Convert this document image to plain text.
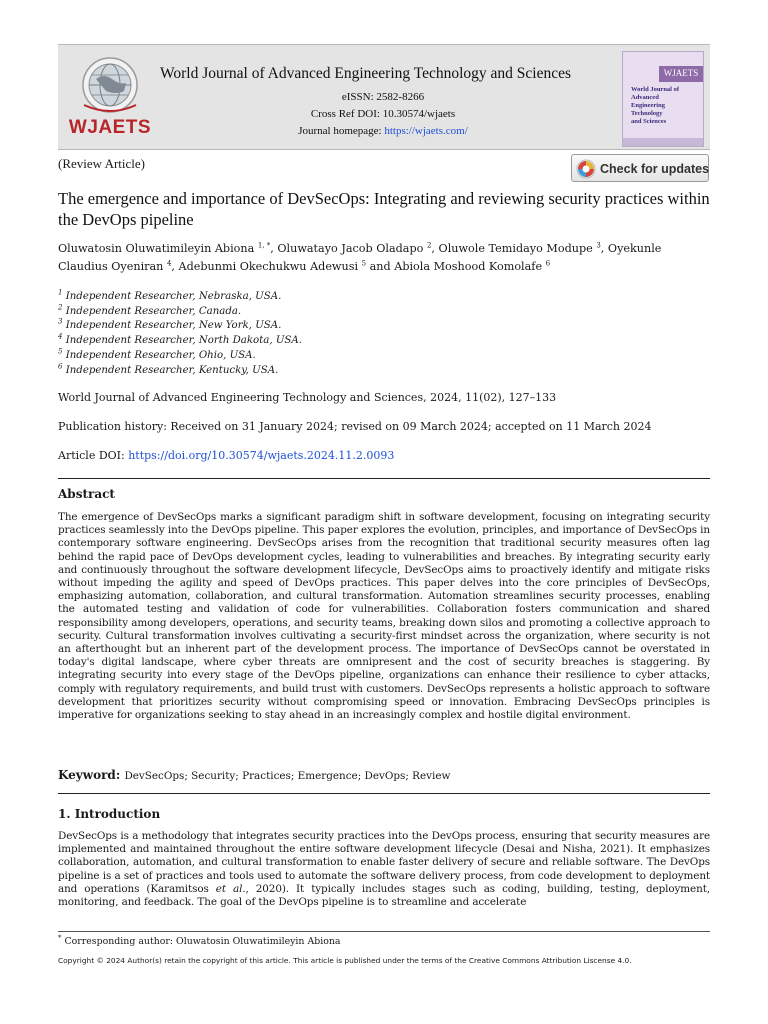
WJAETS
World Journal of Advanced Engineering Technology and Sciences
eISSN: 2582-8266
Cross Ref DOI: 10.30574/wjaets
Journal homepage: https://wjaets.com/
WJAETS
World Journal of
Advanced
Engineering
Technology
and Sciences
(Review Article)	Check for updates
The emergence and importance of DevSecOps: Integrating and reviewing security practices within the DevOps pipeline
Oluwatosin Oluwatimileyin Abiona $^{1, *}$, Oluwatayo Jacob Oladapo $^2$, Oluwole Temidayo Modupe $^3$, Oyekunle Claudius Oyeniran $^4$, Adebunmi Okechukwu Adewusi $^5$ and Abiola Moshood Komolafe $^6$
$^1$ Independent Researcher, Nebraska, USA.
$^2$ Independent Researcher, Canada.
$^3$ Independent Researcher, New York, USA.
$^4$ Independent Researcher, North Dakota, USA.
$^5$ Independent Researcher, Ohio, USA.
$^6$ Independent Researcher, Kentucky, USA.
World Journal of Advanced Engineering Technology and Sciences, 2024, 11(02), 127–133
Publication history: Received on 31 January 2024; revised on 09 March 2024; accepted on 11 March 2024
Article DOI: https://doi.org/10.30574/wjaets.2024.11.2.0093
Abstract

The emergence of DevSecOps marks a significant paradigm shift in software development, focusing on integrating security practices seamlessly into the DevOps pipeline. This paper explores the evolution, principles, and importance of DevSecOps in contemporary software engineering. DevSecOps arises from the recognition that traditional security measures often lag behind the rapid pace of DevOps development cycles, leading to vulnerabilities and breaches. By integrating security early and continuously throughout the software development lifecycle, DevSecOps aims to proactively identify and mitigate risks without impeding the agility and speed of DevOps practices. This paper delves into the core principles of DevSecOps, emphasizing automation, collaboration, and cultural transformation. Automation streamlines security processes, enabling the automated testing and validation of code for vulnerabilities. Collaboration fosters communication and shared responsibility among developers, operations, and security teams, breaking down silos and promoting a collective approach to security. Cultural transformation involves cultivating a security-first mindset across the organization, where security is not an afterthought but an inherent part of the development process. The importance of DevSecOps cannot be overstated in today's digital landscape, where cyber threats are omnipresent and the cost of security breaches is staggering. By integrating security into every stage of the DevOps pipeline, organizations can enhance their resilience to cyber attacks, comply with regulatory requirements, and build trust with customers. DevSecOps represents a holistic approach to software development that prioritizes security without compromising speed or innovation. Embracing DevSecOps principles is imperative for organizations seeking to stay ahead in an increasingly complex and hostile digital environment.

Keyword: DevSecOps; Security; Practices; Emergence; DevOps; Review
1. Introduction

DevSecOps is a methodology that integrates security practices into the DevOps process, ensuring that security measures are implemented and maintained throughout the entire software development lifecycle (Desai and Nisha, 2021). It emphasizes collaboration, automation, and cultural transformation to enable faster delivery of secure and reliable software. The DevOps pipeline is a set of practices and tools used to automate the software delivery process, from code development to deployment and operations (Karamitsos et al., 2020). It typically includes stages such as coding, building, testing, deployment, monitoring, and feedback. The goal of the DevOps pipeline is to streamline and accelerate

* Corresponding author: Oluwatosin Oluwatimileyin Abiona
Copyright © 2024 Author(s) retain the copyright of this article. This article is published under the terms of the Creative Commons Attribution Liscense 4.0.
